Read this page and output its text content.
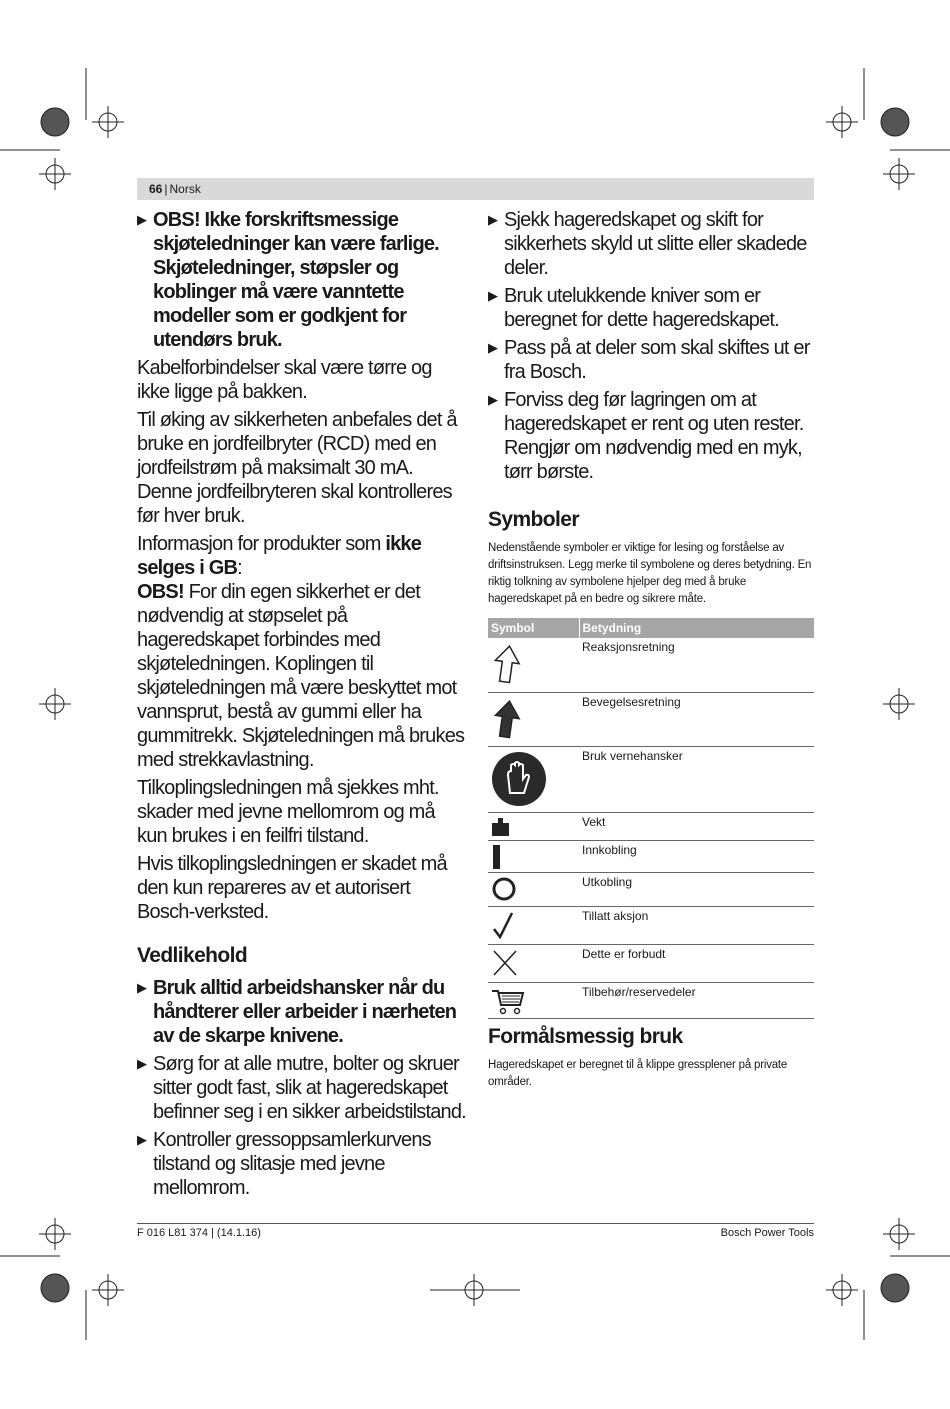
66 | Norsk
▶ OBS! Ikke forskriftsmessige skjøteledninger kan være farlige. Skjøteledninger, støpsler og koblinger må være vanntette modeller som er godkjent for utendørs bruk.

Kabelforbindelser skal være tørre og ikke ligge på bakken.

Til øking av sikkerheten anbefales det å bruke en jordfeilbryter (RCD) med en jordfeilstrøm på maksimalt 30 mA. Denne jordfeilbryteren skal kontrolleres før hver bruk.

Informasjon for produkter som ikke selges i GB:
OBS! For din egen sikkerhet er det nødvendig at støpselet på hageredskapet forbindes med skjøteledningen. Koplingen til skjøteledningen må være beskyttet mot vannsprut, bestå av gummi eller ha gummitrekk. Skjøteledningen må brukes med strekkavlastning.

Tilkoplingsledningen må sjekkes mht. skader med jevne mellomrom og må kun brukes i en feilfri tilstand.

Hvis tilkoplingsledningen er skadet må den kun repareres av et autorisert Bosch-verksted.

Vedlikehold
▶ Bruk alltid arbeidshansker når du håndterer eller arbeider i nærheten av de skarpe knivene.
▶ Sørg for at alle mutre, bolter og skruer sitter godt fast, slik at hageredskapet befinner seg i en sikker arbeidstilstand.
▶ Kontroller gressoppsamlerkurvens tilstand og slitasje med jevne mellomrom.
▶ Sjekk hageredskapet og skift for sikkerhets skyld ut slitte eller skadede deler.
▶ Bruk utelukkende kniver som er beregnet for dette hageredskapet.
▶ Pass på at deler som skal skiftes ut er fra Bosch.
▶ Forviss deg før lagringen om at hageredskapet er rent og uten rester. Rengjør om nødvendig med en myk, tørr børste.
Symboler

Nedenstående symboler er viktige for lesing og forståelse av driftsinstruksen. Legg merke til symbolene og deres betydning. En riktig tolkning av symbolene hjelper deg med å bruke hageredskapet på en bedre og sikrere måte.

Symbol	Betydning
	Reaksjonsretning
	Bevegelsesretning
	Bruk vernehansker
	Vekt
	Innkobling
	Utkobling
	Tillatt aksjon
	Dette er forbudt
	Tilbehør/reservedeler
Formålsmessig bruk

Hageredskapet er beregnet til å klippe gressplener på private områder.

F 016 L81 374 | (14.1.16)	Bosch Power Tools
